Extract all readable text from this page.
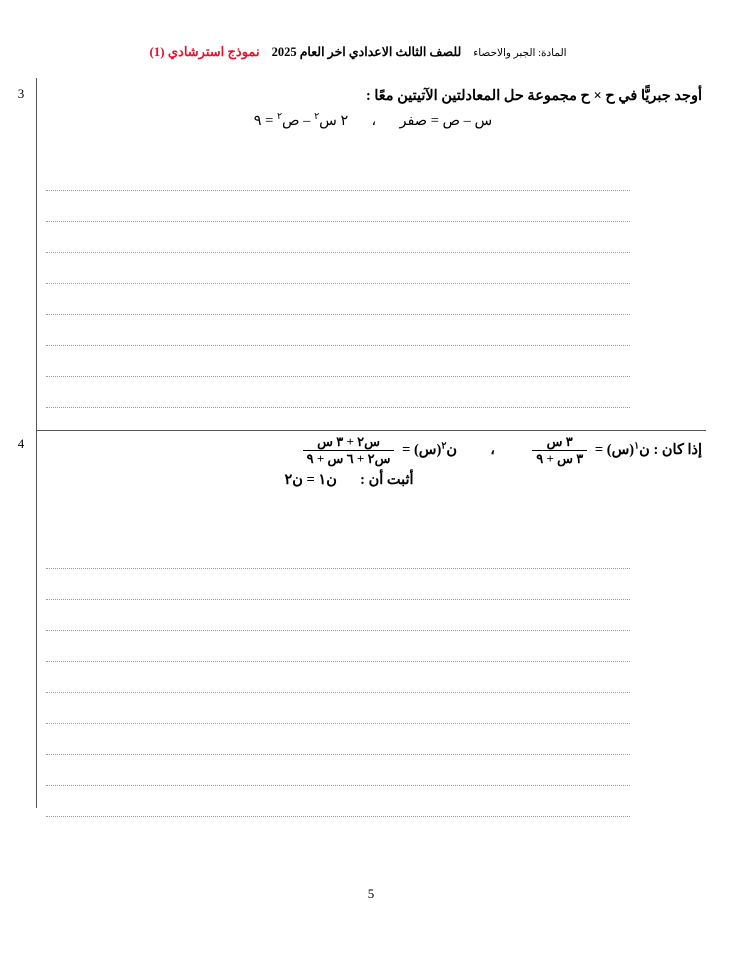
المادة: الجبر والاحصاء
للصف الثالث الاعدادي اخر العام 2025
نموذج استرشادي (1)
3	أوجد جبريًّا في ح × ح مجموعة حل المعادلتين الآتيتين معًا :
س – ص = صفر  ،  ٢ س$^٢$ – ص$^٢$ = ٩
4	إذا كان : ن$^١$(س) =
$\frac{\text{٣ س}}{\text{٣ س + ٩}}$
،  ن$^٢$(س) =
$\frac{\text{س٢ + ٣ س}}{\text{س٢ + ٦ س + ٩}}$
أثبت أن :  ن١ = ن٢
5
